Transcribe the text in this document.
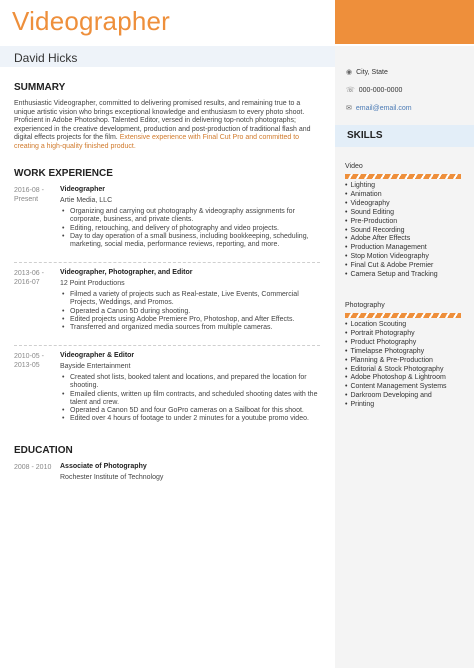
Videographer
David Hicks
◉ City, State
☏ 000-000-0000
✉ email@email.com
SKILLS
Video
• Lighting
• Animation
• Videography
• Sound Editing
• Pre-Production
• Sound Recording
• Adobe After Effects
• Production Management
• Stop Motion Videography
• Final Cut & Adobe Premier
• Camera Setup and Tracking
Photography
• Location Scouting
• Portrait Photography
• Product Photography
• Timelapse Photography
• Planning & Pre-Production
• Editorial & Stock Photography
• Adobe Photoshop & Lightroom
• Content Management Systems
• Darkroom Developing and
• Printing
SUMMARY

Enthusiastic Videographer, committed to delivering promised results, and remaining true to a unique artistic vision who brings exceptional knowledge and enthusiasm to every photo shoot. Proficient in Adobe Photoshop. Talented Editor, versed in delivering top-notch photographs; experienced in the creative development, production and post-production of traditional flash and digital effects projects for the film. Extensive experience with Final Cut Pro and committed to creating a high-quality finished product.

WORK EXPERIENCE
2016-08 -
Present
Videographer
Artie Media, LLC
• Organizing and carrying out photography & videography assignments for corporate, business, and private clients.
• Editing, retouching, and delivery of photography and video projects.
• Day to day operation of a small business, including bookkeeping, scheduling, marketing, social media, performance reviews, reporting, and more.
2013-06 -
2016-07
Videographer, Photographer, and Editor
12 Point Productions
• Filmed a variety of projects such as Real-estate, Live Events, Commercial Projects, Weddings, and Promos.
• Operated a Canon 5D during shooting.
• Edited projects using Adobe Premiere Pro, Photoshop, and After Effects.
• Transferred and organized media sources from multiple cameras.
2010-05 -
2013-05
Videographer & Editor
Bayside Entertainment
• Created shot lists, booked talent and locations, and prepared the location for shooting.
• Emailed clients, written up film contracts, and scheduled shooting dates with the talent and crew.
• Operated a Canon 5D and four GoPro cameras on a Sailboat for this shoot.
• Edited over 4 hours of footage to under 2 minutes for a youtube promo video.
EDUCATION
2008 - 2010 Associate of Photography
Rochester Institute of Technology
